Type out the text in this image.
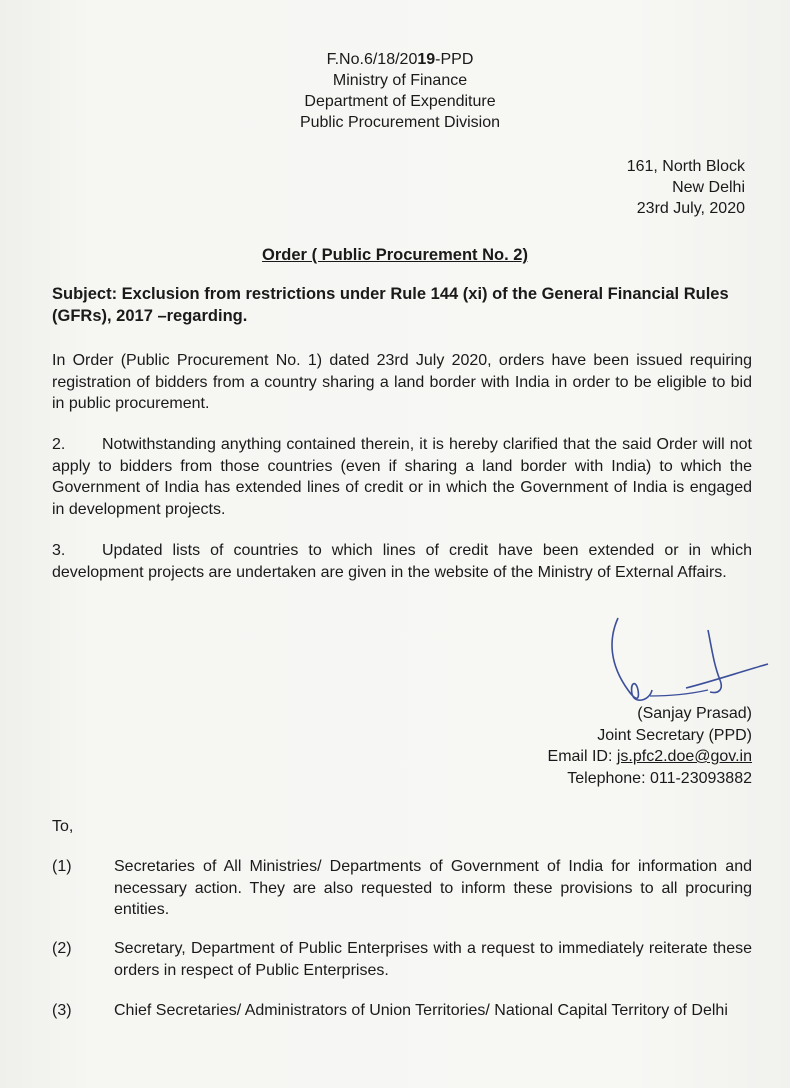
F.No.6/18/2019-PPD
Ministry of Finance
Department of Expenditure
Public Procurement Division
161, North Block
New Delhi
23rd July, 2020
Order ( Public Procurement No. 2)
Subject: Exclusion from restrictions under Rule 144 (xi) of the General Financial Rules (GFRs), 2017 –regarding.
In Order (Public Procurement No. 1) dated 23rd July 2020, orders have been issued requiring registration of bidders from a country sharing a land border with India in order to be eligible to bid in public procurement.
2. Notwithstanding anything contained therein, it is hereby clarified that the said Order will not apply to bidders from those countries (even if sharing a land border with India) to which the Government of India has extended lines of credit or in which the Government of India is engaged in development projects.
3. Updated lists of countries to which lines of credit have been extended or in which development projects are undertaken are given in the website of the Ministry of External Affairs.
(Sanjay Prasad)
Joint Secretary (PPD)
Email ID: js.pfc2.doe@gov.in
Telephone: 011-23093882
To,
(1)	Secretaries of All Ministries/ Departments of Government of India for information and necessary action. They are also requested to inform these provisions to all procuring entities.
(2)	Secretary, Department of Public Enterprises with a request to immediately reiterate these orders in respect of Public Enterprises.
(3)	Chief Secretaries/ Administrators of Union Territories/ National Capital Territory of Delhi
